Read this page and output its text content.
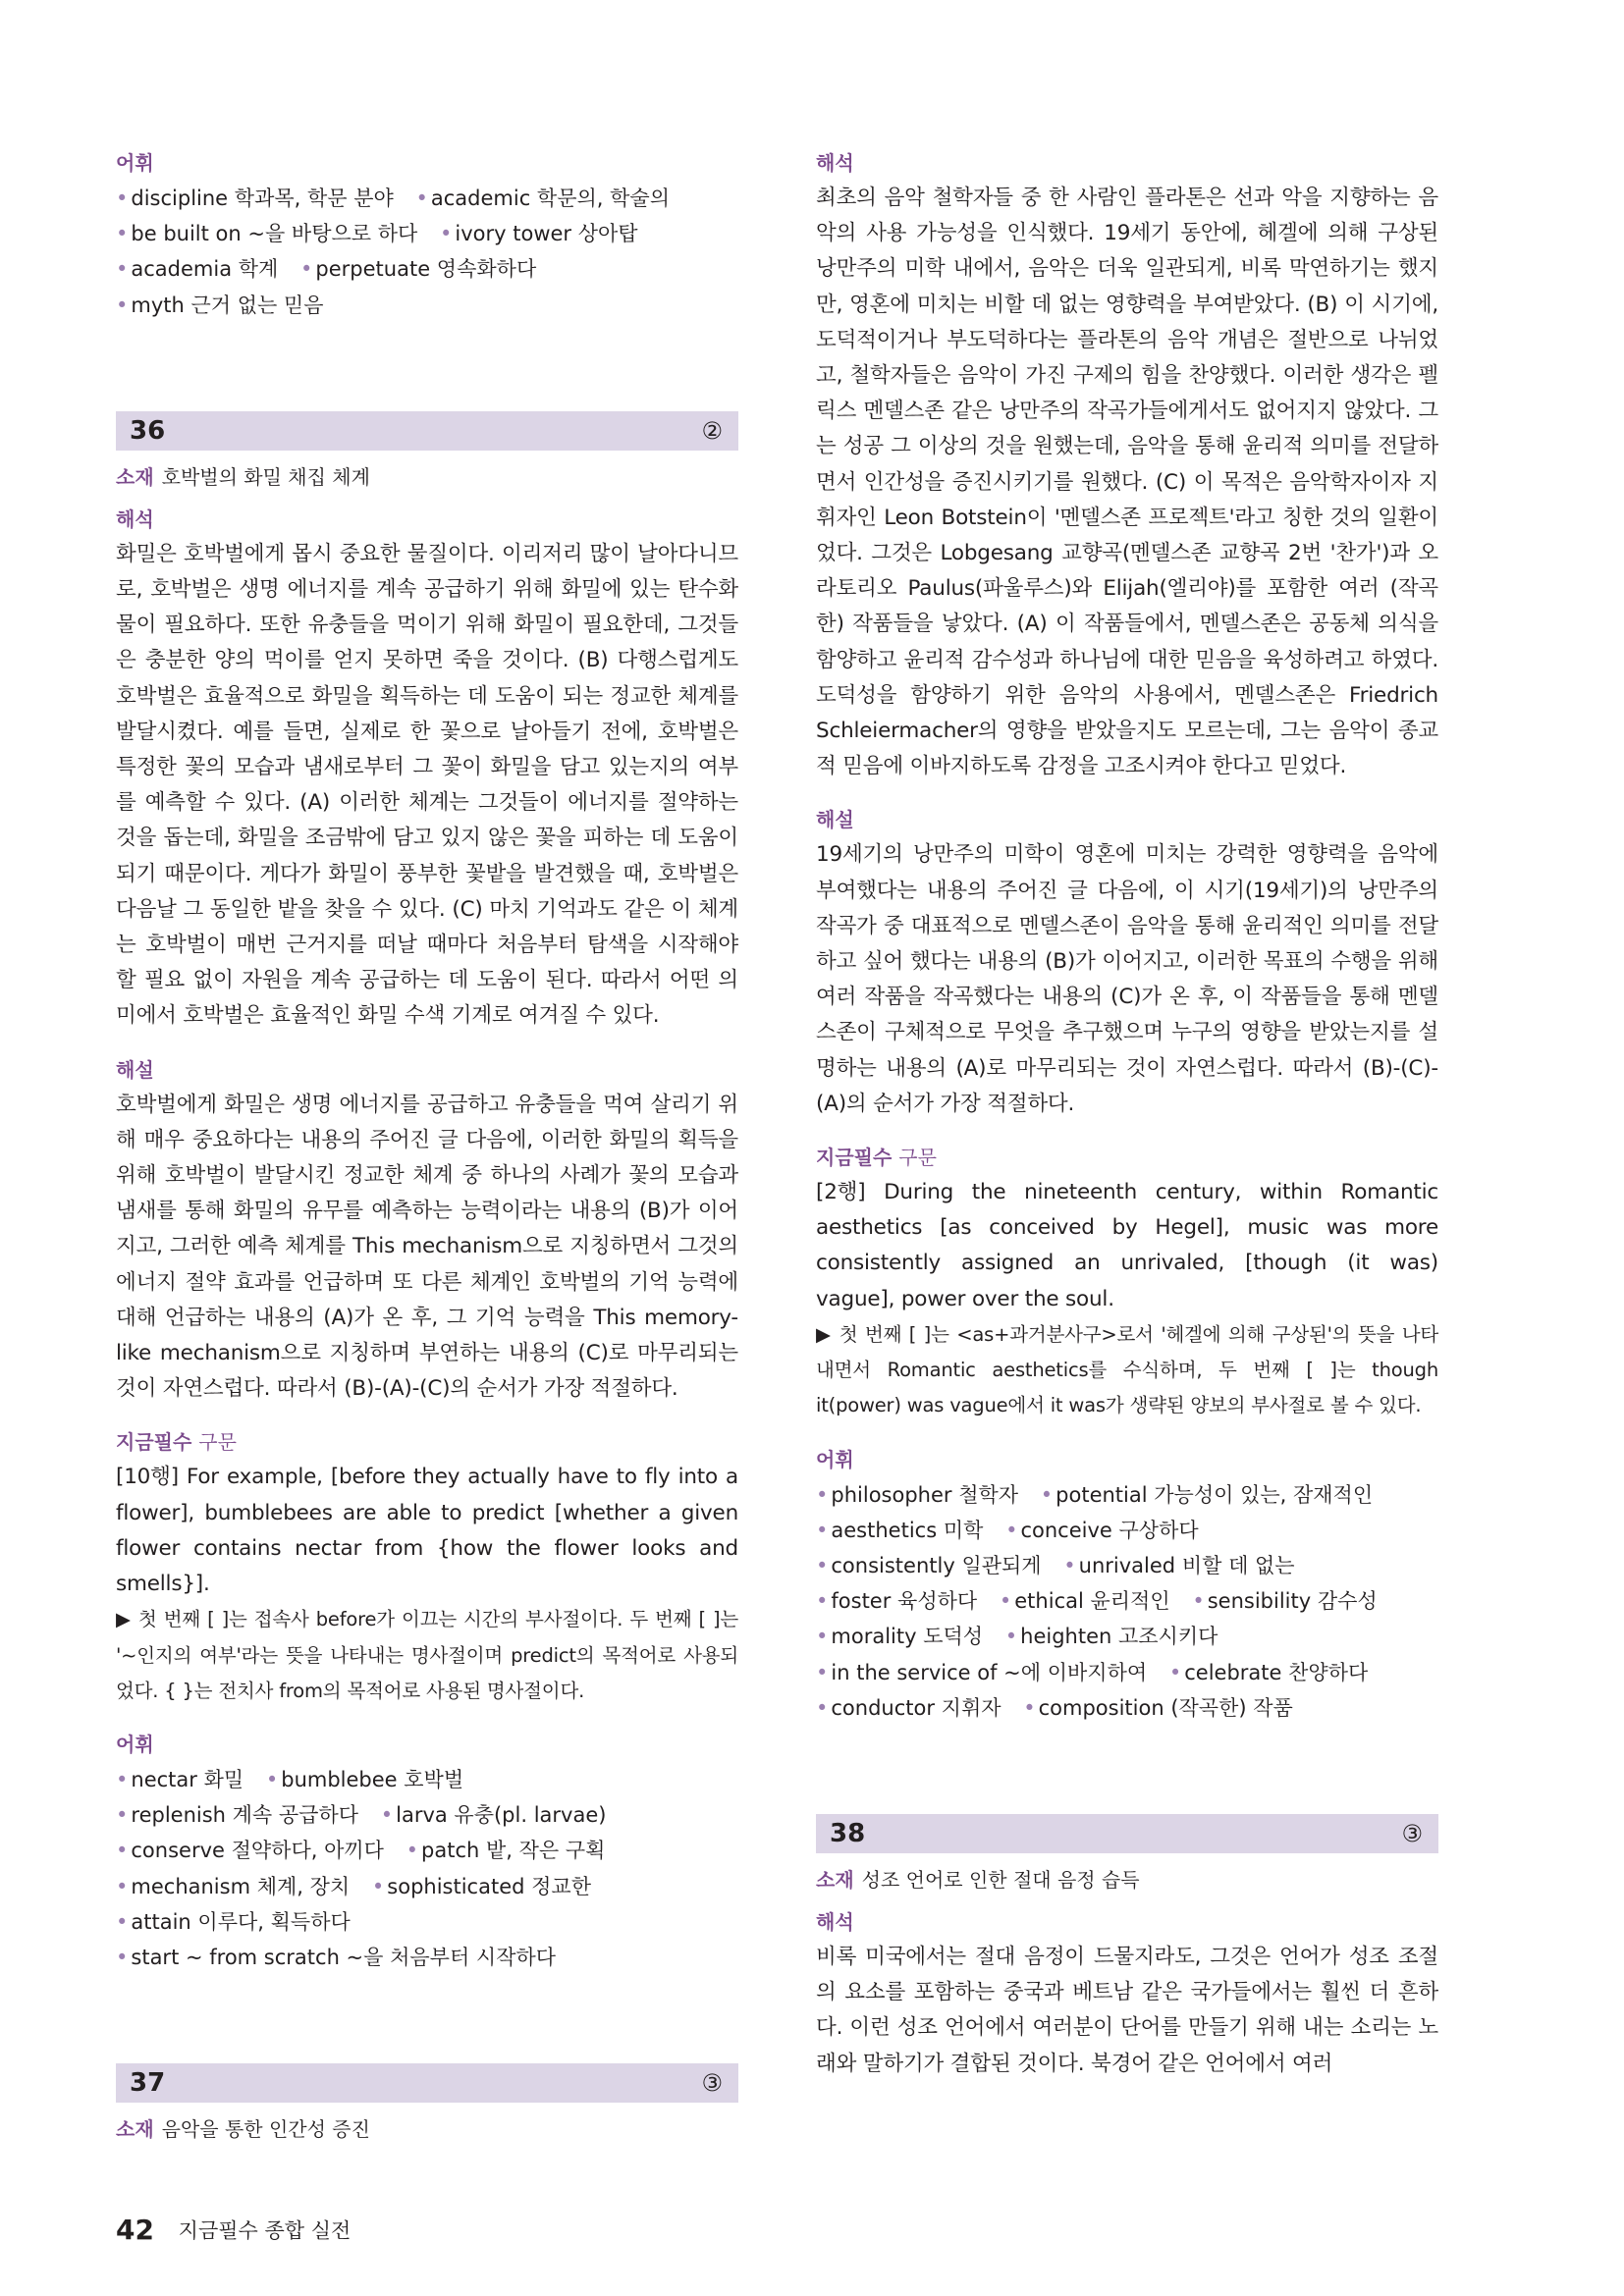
어휘
• discipline 학과목, 학문 분야 • academic 학문의, 학술의 • be built on ~을 바탕으로 하다 • ivory tower 상아탑 • academia 학계 • perpetuate 영속화하다 • myth 근거 없는 믿음
36	②
소재 호박벌의 화밀 채집 체계
해석

화밀은 호박벌에게 몹시 중요한 물질이다. 이리저리 많이 날아다니므로, 호박벌은 생명 에너지를 계속 공급하기 위해 화밀에 있는 탄수화물이 필요하다. 또한 유충들을 먹이기 위해 화밀이 필요한데, 그것들은 충분한 양의 먹이를 얻지 못하면 죽을 것이다. (B) 다행스럽게도 호박벌은 효율적으로 화밀을 획득하는 데 도움이 되는 정교한 체계를 발달시켰다. 예를 들면, 실제로 한 꽃으로 날아들기 전에, 호박벌은 특정한 꽃의 모습과 냄새로부터 그 꽃이 화밀을 담고 있는지의 여부를 예측할 수 있다. (A) 이러한 체계는 그것들이 에너지를 절약하는 것을 돕는데, 화밀을 조금밖에 담고 있지 않은 꽃을 피하는 데 도움이 되기 때문이다. 게다가 화밀이 풍부한 꽃밭을 발견했을 때, 호박벌은 다음날 그 동일한 밭을 찾을 수 있다. (C) 마치 기억과도 같은 이 체계는 호박벌이 매번 근거지를 떠날 때마다 처음부터 탐색을 시작해야 할 필요 없이 자원을 계속 공급하는 데 도움이 된다. 따라서 어떤 의미에서 호박벌은 효율적인 화밀 수색 기계로 여겨질 수 있다.

해설

호박벌에게 화밀은 생명 에너지를 공급하고 유충들을 먹여 살리기 위해 매우 중요하다는 내용의 주어진 글 다음에, 이러한 화밀의 획득을 위해 호박벌이 발달시킨 정교한 체계 중 하나의 사례가 꽃의 모습과 냄새를 통해 화밀의 유무를 예측하는 능력이라는 내용의 (B)가 이어지고, 그러한 예측 체계를 This mechanism으로 지칭하면서 그것의 에너지 절약 효과를 언급하며 또 다른 체계인 호박벌의 기억 능력에 대해 언급하는 내용의 (A)가 온 후, 그 기억 능력을 This memory-like mechanism으로 지칭하며 부연하는 내용의 (C)로 마무리되는 것이 자연스럽다. 따라서 (B)-(A)-(C)의 순서가 가장 적절하다.

지금필수 구문

[10행] For example, [before they actually have to fly into a flower], bumblebees are able to predict [whether a given flower contains nectar from {how the flower looks and smells}].

▶ 첫 번째 [ ]는 접속사 before가 이끄는 시간의 부사절이다. 두 번째 [ ]는 '~인지의 여부'라는 뜻을 나타내는 명사절이며 predict의 목적어로 사용되었다. { }는 전치사 from의 목적어로 사용된 명사절이다.

어휘
• nectar 화밀 • bumblebee 호박벌 • replenish 계속 공급하다 • larva 유충(pl. larvae) • conserve 절약하다, 아끼다 • patch 밭, 작은 구획 • mechanism 체계, 장치 • sophisticated 정교한 • attain 이루다, 획득하다 • start ~ from scratch ~을 처음부터 시작하다
37	③
소재 음악을 통한 인간성 증진
해석

최초의 음악 철학자들 중 한 사람인 플라톤은 선과 악을 지향하는 음악의 사용 가능성을 인식했다. 19세기 동안에, 헤겔에 의해 구상된 낭만주의 미학 내에서, 음악은 더욱 일관되게, 비록 막연하기는 했지만, 영혼에 미치는 비할 데 없는 영향력을 부여받았다. (B) 이 시기에, 도덕적이거나 부도덕하다는 플라톤의 음악 개념은 절반으로 나뉘었고, 철학자들은 음악이 가진 구제의 힘을 찬양했다. 이러한 생각은 펠릭스 멘델스존 같은 낭만주의 작곡가들에게서도 없어지지 않았다. 그는 성공 그 이상의 것을 원했는데, 음악을 통해 윤리적 의미를 전달하면서 인간성을 증진시키기를 원했다. (C) 이 목적은 음악학자이자 지휘자인 Leon Botstein이 '멘델스존 프로젝트'라고 칭한 것의 일환이었다. 그것은 Lobgesang 교향곡(멘델스존 교향곡 2번 '찬가')과 오라토리오 Paulus(파울루스)와 Elijah(엘리야)를 포함한 여러 (작곡한) 작품들을 낳았다. (A) 이 작품들에서, 멘델스존은 공동체 의식을 함양하고 윤리적 감수성과 하나님에 대한 믿음을 육성하려고 하였다. 도덕성을 함양하기 위한 음악의 사용에서, 멘델스존은 Friedrich Schleiermacher의 영향을 받았을지도 모르는데, 그는 음악이 종교적 믿음에 이바지하도록 감정을 고조시켜야 한다고 믿었다.

해설

19세기의 낭만주의 미학이 영혼에 미치는 강력한 영향력을 음악에 부여했다는 내용의 주어진 글 다음에, 이 시기(19세기)의 낭만주의 작곡가 중 대표적으로 멘델스존이 음악을 통해 윤리적인 의미를 전달하고 싶어 했다는 내용의 (B)가 이어지고, 이러한 목표의 수행을 위해 여러 작품을 작곡했다는 내용의 (C)가 온 후, 이 작품들을 통해 멘델스존이 구체적으로 무엇을 추구했으며 누구의 영향을 받았는지를 설명하는 내용의 (A)로 마무리되는 것이 자연스럽다. 따라서 (B)-(C)-(A)의 순서가 가장 적절하다.

지금필수 구문

[2행] During the nineteenth century, within Romantic aesthetics [as conceived by Hegel], music was more consistently assigned an unrivaled, [though (it was) vague], power over the soul.

▶ 첫 번째 [ ]는 <as+과거분사구>로서 '헤겔에 의해 구상된'의 뜻을 나타내면서 Romantic aesthetics를 수식하며, 두 번째 [ ]는 though it(power) was vague에서 it was가 생략된 양보의 부사절로 볼 수 있다.

어휘
• philosopher 철학자 • potential 가능성이 있는, 잠재적인 • aesthetics 미학 • conceive 구상하다 • consistently 일관되게 • unrivaled 비할 데 없는 • foster 육성하다 • ethical 윤리적인 • sensibility 감수성 • morality 도덕성 • heighten 고조시키다 • in the service of ~에 이바지하여 • celebrate 찬양하다 • conductor 지휘자 • composition (작곡한) 작품
38	③
소재 성조 언어로 인한 절대 음정 습득
해석

비록 미국에서는 절대 음정이 드물지라도, 그것은 언어가 성조 조절의 요소를 포함하는 중국과 베트남 같은 국가들에서는 훨씬 더 흔하다. 이런 성조 언어에서 여러분이 단어를 만들기 위해 내는 소리는 노래와 말하기가 결합된 것이다. 북경어 같은 언어에서 여러

42 지금필수 종합 실전
